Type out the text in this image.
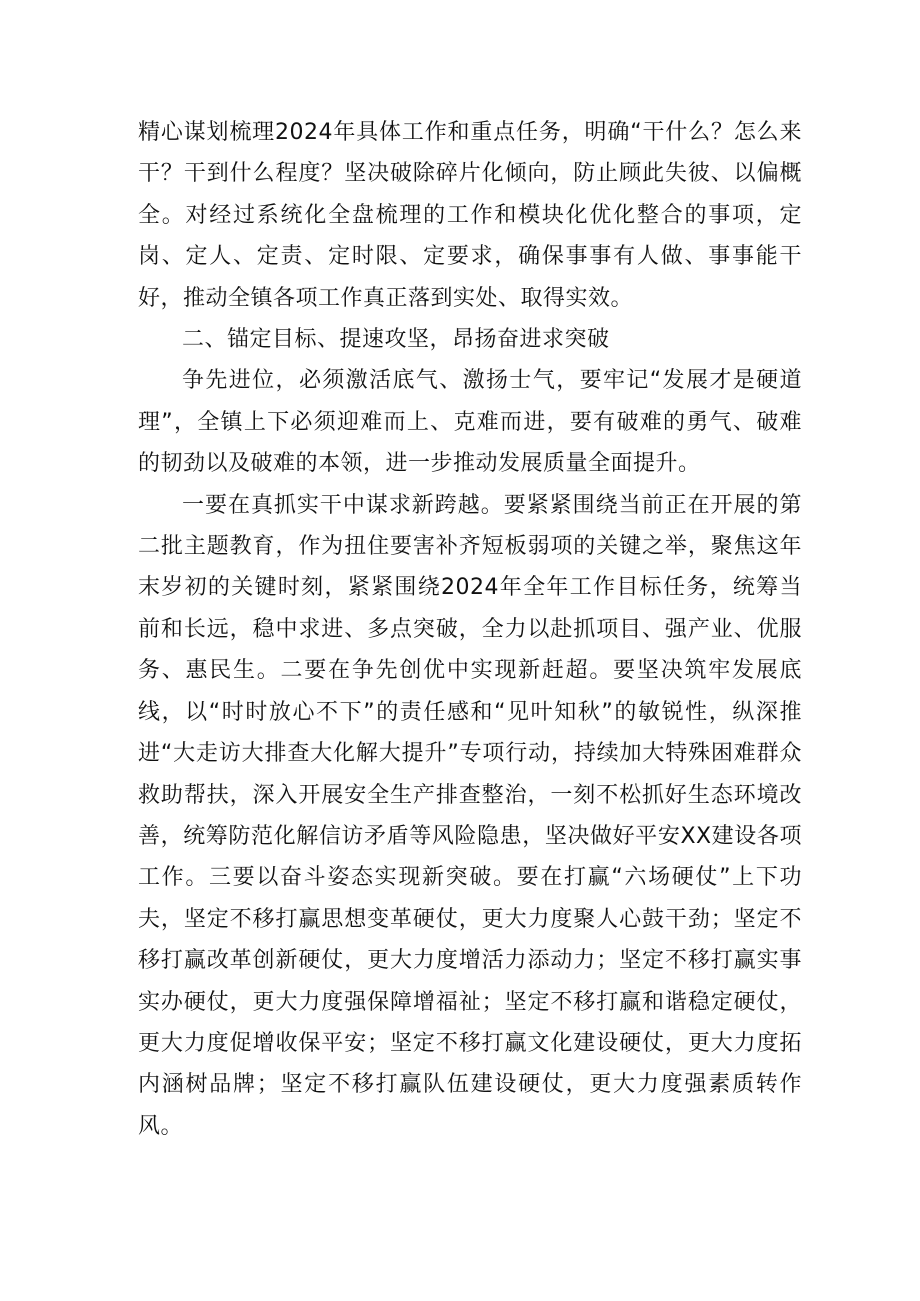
精心谋划梳理2024年具体工作和重点任务，明确“干什么？怎么来干？干到什么程度？坚决破除碎片化倾向，防止顾此失彼、以偏概全。对经过系统化全盘梳理的工作和模块化优化整合的事项，定岗、定人、定责、定时限、定要求，确保事事有人做、事事能干好，推动全镇各项工作真正落到实处、取得实效。

二、锚定目标、提速攻坚，昂扬奋进求突破

争先进位，必须激活底气、激扬士气，要牢记“发展才是硬道理”，全镇上下必须迎难而上、克难而进，要有破难的勇气、破难的韧劲以及破难的本领，进一步推动发展质量全面提升。

一要在真抓实干中谋求新跨越。要紧紧围绕当前正在开展的第二批主题教育，作为扭住要害补齐短板弱项的关键之举，聚焦这年末岁初的关键时刻，紧紧围绕2024年全年工作目标任务，统筹当前和长远，稳中求进、多点突破，全力以赴抓项目、强产业、优服务、惠民生。二要在争先创优中实现新赶超。要坚决筑牢发展底线，以“时时放心不下”的责任感和“见叶知秋”的敏锐性，纵深推进“大走访大排查大化解大提升”专项行动，持续加大特殊困难群众救助帮扶，深入开展安全生产排查整治，一刻不松抓好生态环境改善，统筹防范化解信访矛盾等风险隐患，坚决做好平安XX建设各项工作。三要以奋斗姿态实现新突破。要在打赢“六场硬仗”上下功夫，坚定不移打赢思想变革硬仗，更大力度聚人心鼓干劲；坚定不移打赢改革创新硬仗，更大力度增活力添动力；坚定不移打赢实事实办硬仗，更大力度强保障增福祉；坚定不移打赢和谐稳定硬仗，更大力度促增收保平安；坚定不移打赢文化建设硬仗，更大力度拓内涵树品牌；坚定不移打赢队伍建设硬仗，更大力度强素质转作风。
